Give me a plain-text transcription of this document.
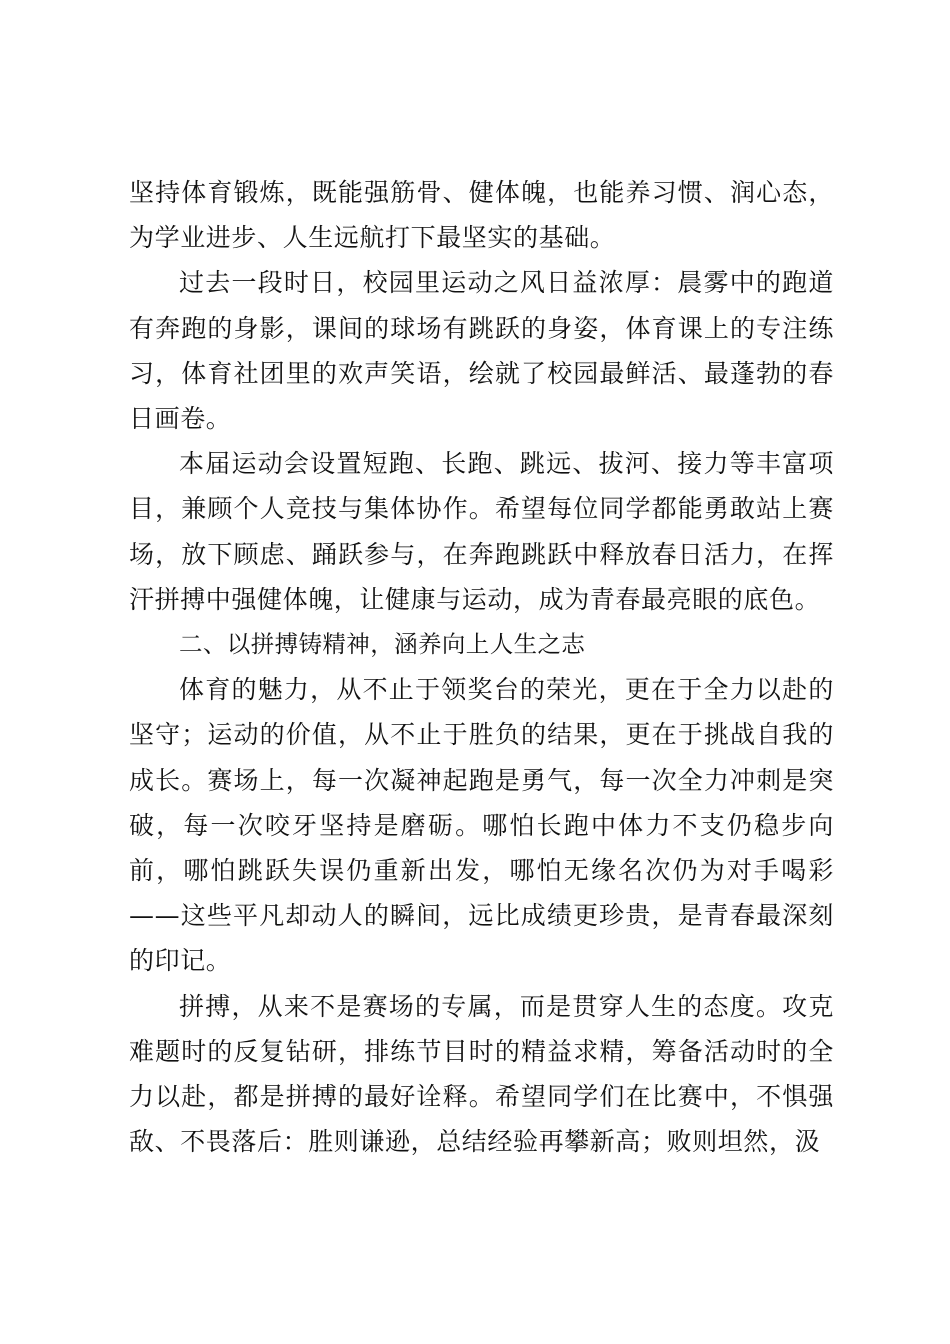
坚持体育锻炼，既能强筋骨、健体魄，也能养习惯、润心态，为学业进步、人生远航打下最坚实的基础。

过去一段时日，校园里运动之风日益浓厚：晨雾中的跑道有奔跑的身影，课间的球场有跳跃的身姿，体育课上的专注练习，体育社团里的欢声笑语，绘就了校园最鲜活、最蓬勃的春日画卷。

本届运动会设置短跑、长跑、跳远、拔河、接力等丰富项目，兼顾个人竞技与集体协作。希望每位同学都能勇敢站上赛场，放下顾虑、踊跃参与，在奔跑跳跃中释放春日活力，在挥汗拼搏中强健体魄，让健康与运动，成为青春最亮眼的底色。

二、以拼搏铸精神，涵养向上人生之志

体育的魅力，从不止于领奖台的荣光，更在于全力以赴的坚守；运动的价值，从不止于胜负的结果，更在于挑战自我的成长。赛场上，每一次凝神起跑是勇气，每一次全力冲刺是突破，每一次咬牙坚持是磨砺。哪怕长跑中体力不支仍稳步向前，哪怕跳跃失误仍重新出发，哪怕无缘名次仍为对手喝彩——这些平凡却动人的瞬间，远比成绩更珍贵，是青春最深刻的印记。

拼搏，从来不是赛场的专属，而是贯穿人生的态度。攻克难题时的反复钻研，排练节目时的精益求精，筹备活动时的全力以赴，都是拼搏的最好诠释。希望同学们在比赛中，不惧强敌、不畏落后：胜则谦逊，总结经验再攀新高；败则坦然，汲
